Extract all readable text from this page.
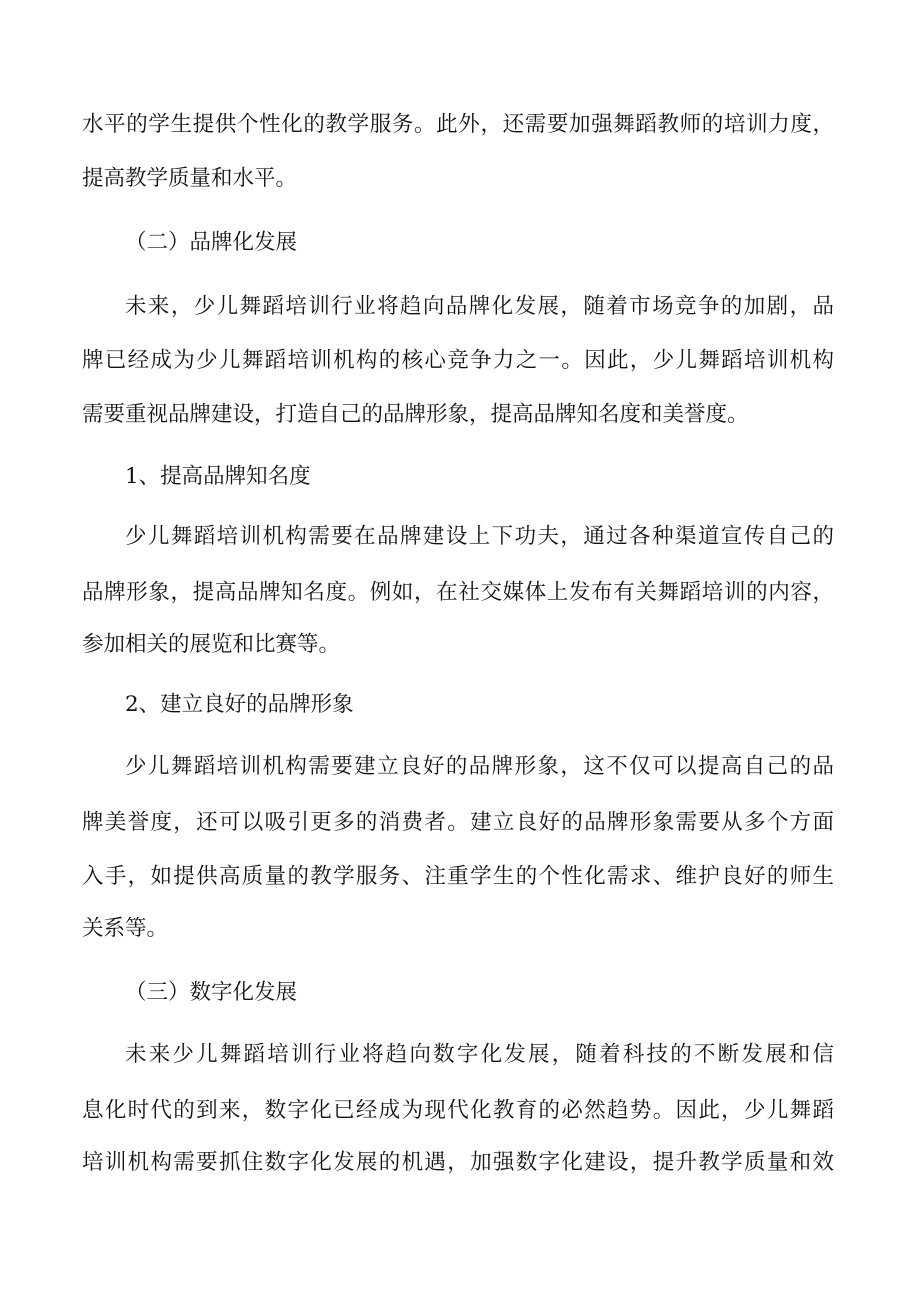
水平的学生提供个性化的教学服务。此外，还需要加强舞蹈教师的培训力度，
提高教学质量和水平。
（二）品牌化发展
未来，少儿舞蹈培训行业将趋向品牌化发展，随着市场竞争的加剧，品
牌已经成为少儿舞蹈培训机构的核心竞争力之一。因此，少儿舞蹈培训机构
需要重视品牌建设，打造自己的品牌形象，提高品牌知名度和美誉度。
1、提高品牌知名度
少儿舞蹈培训机构需要在品牌建设上下功夫，通过各种渠道宣传自己的
品牌形象，提高品牌知名度。例如，在社交媒体上发布有关舞蹈培训的内容，
参加相关的展览和比赛等。
2、建立良好的品牌形象
少儿舞蹈培训机构需要建立良好的品牌形象，这不仅可以提高自己的品
牌美誉度，还可以吸引更多的消费者。建立良好的品牌形象需要从多个方面
入手，如提供高质量的教学服务、注重学生的个性化需求、维护良好的师生
关系等。
（三）数字化发展
未来少儿舞蹈培训行业将趋向数字化发展，随着科技的不断发展和信
息化时代的到来，数字化已经成为现代化教育的必然趋势。因此，少儿舞蹈
培训机构需要抓住数字化发展的机遇，加强数字化建设，提升教学质量和效
